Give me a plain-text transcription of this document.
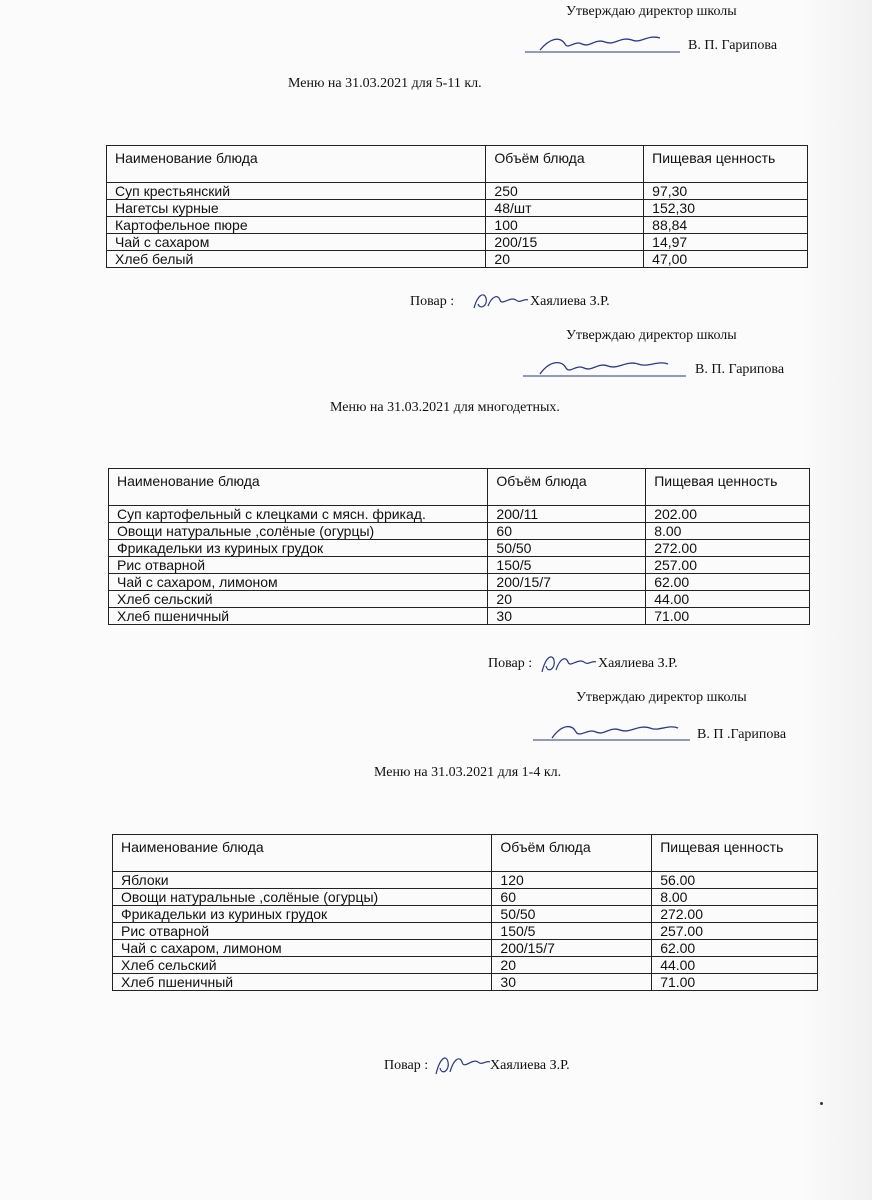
Утверждаю директор школы
В. П. Гарипова
Меню на 31.03.2021 для 5-11 кл.
Наименование блюда	Объём блюда	Пищевая ценность
Суп крестьянский	250	97,30
Нагетсы курные	48/шт	152,30
Картофельное пюре	100	88,84
Чай с сахаром	200/15	14,97
Хлеб белый	20	47,00
Повар :	Хаялиева З.Р.
Утверждаю директор школы
В. П. Гарипова
Меню на 31.03.2021 для многодетных.
Наименование блюда	Объём блюда	Пищевая ценность
Суп картофельный с клецками с мясн. фрикад.	200/11	202.00
Овощи натуральные ,солёные (огурцы)	60	8.00
Фрикадельки из куриных грудок	50/50	272.00
Рис отварной	150/5	257.00
Чай с сахаром, лимоном	200/15/7	62.00
Хлеб сельский	20	44.00
Хлеб пшеничный	30	71.00
Повар :	Хаялиева З.Р.
Утверждаю директор школы
В. П .Гарипова
Меню на 31.03.2021 для 1-4 кл.
Наименование блюда	Объём блюда	Пищевая ценность
Яблоки	120	56.00
Овощи натуральные ,солёные (огурцы)	60	8.00
Фрикадельки из куриных грудок	50/50	272.00
Рис отварной	150/5	257.00
Чай с сахаром, лимоном	200/15/7	62.00
Хлеб сельский	20	44.00
Хлеб пшеничный	30	71.00
Повар :	Хаялиева З.Р.
